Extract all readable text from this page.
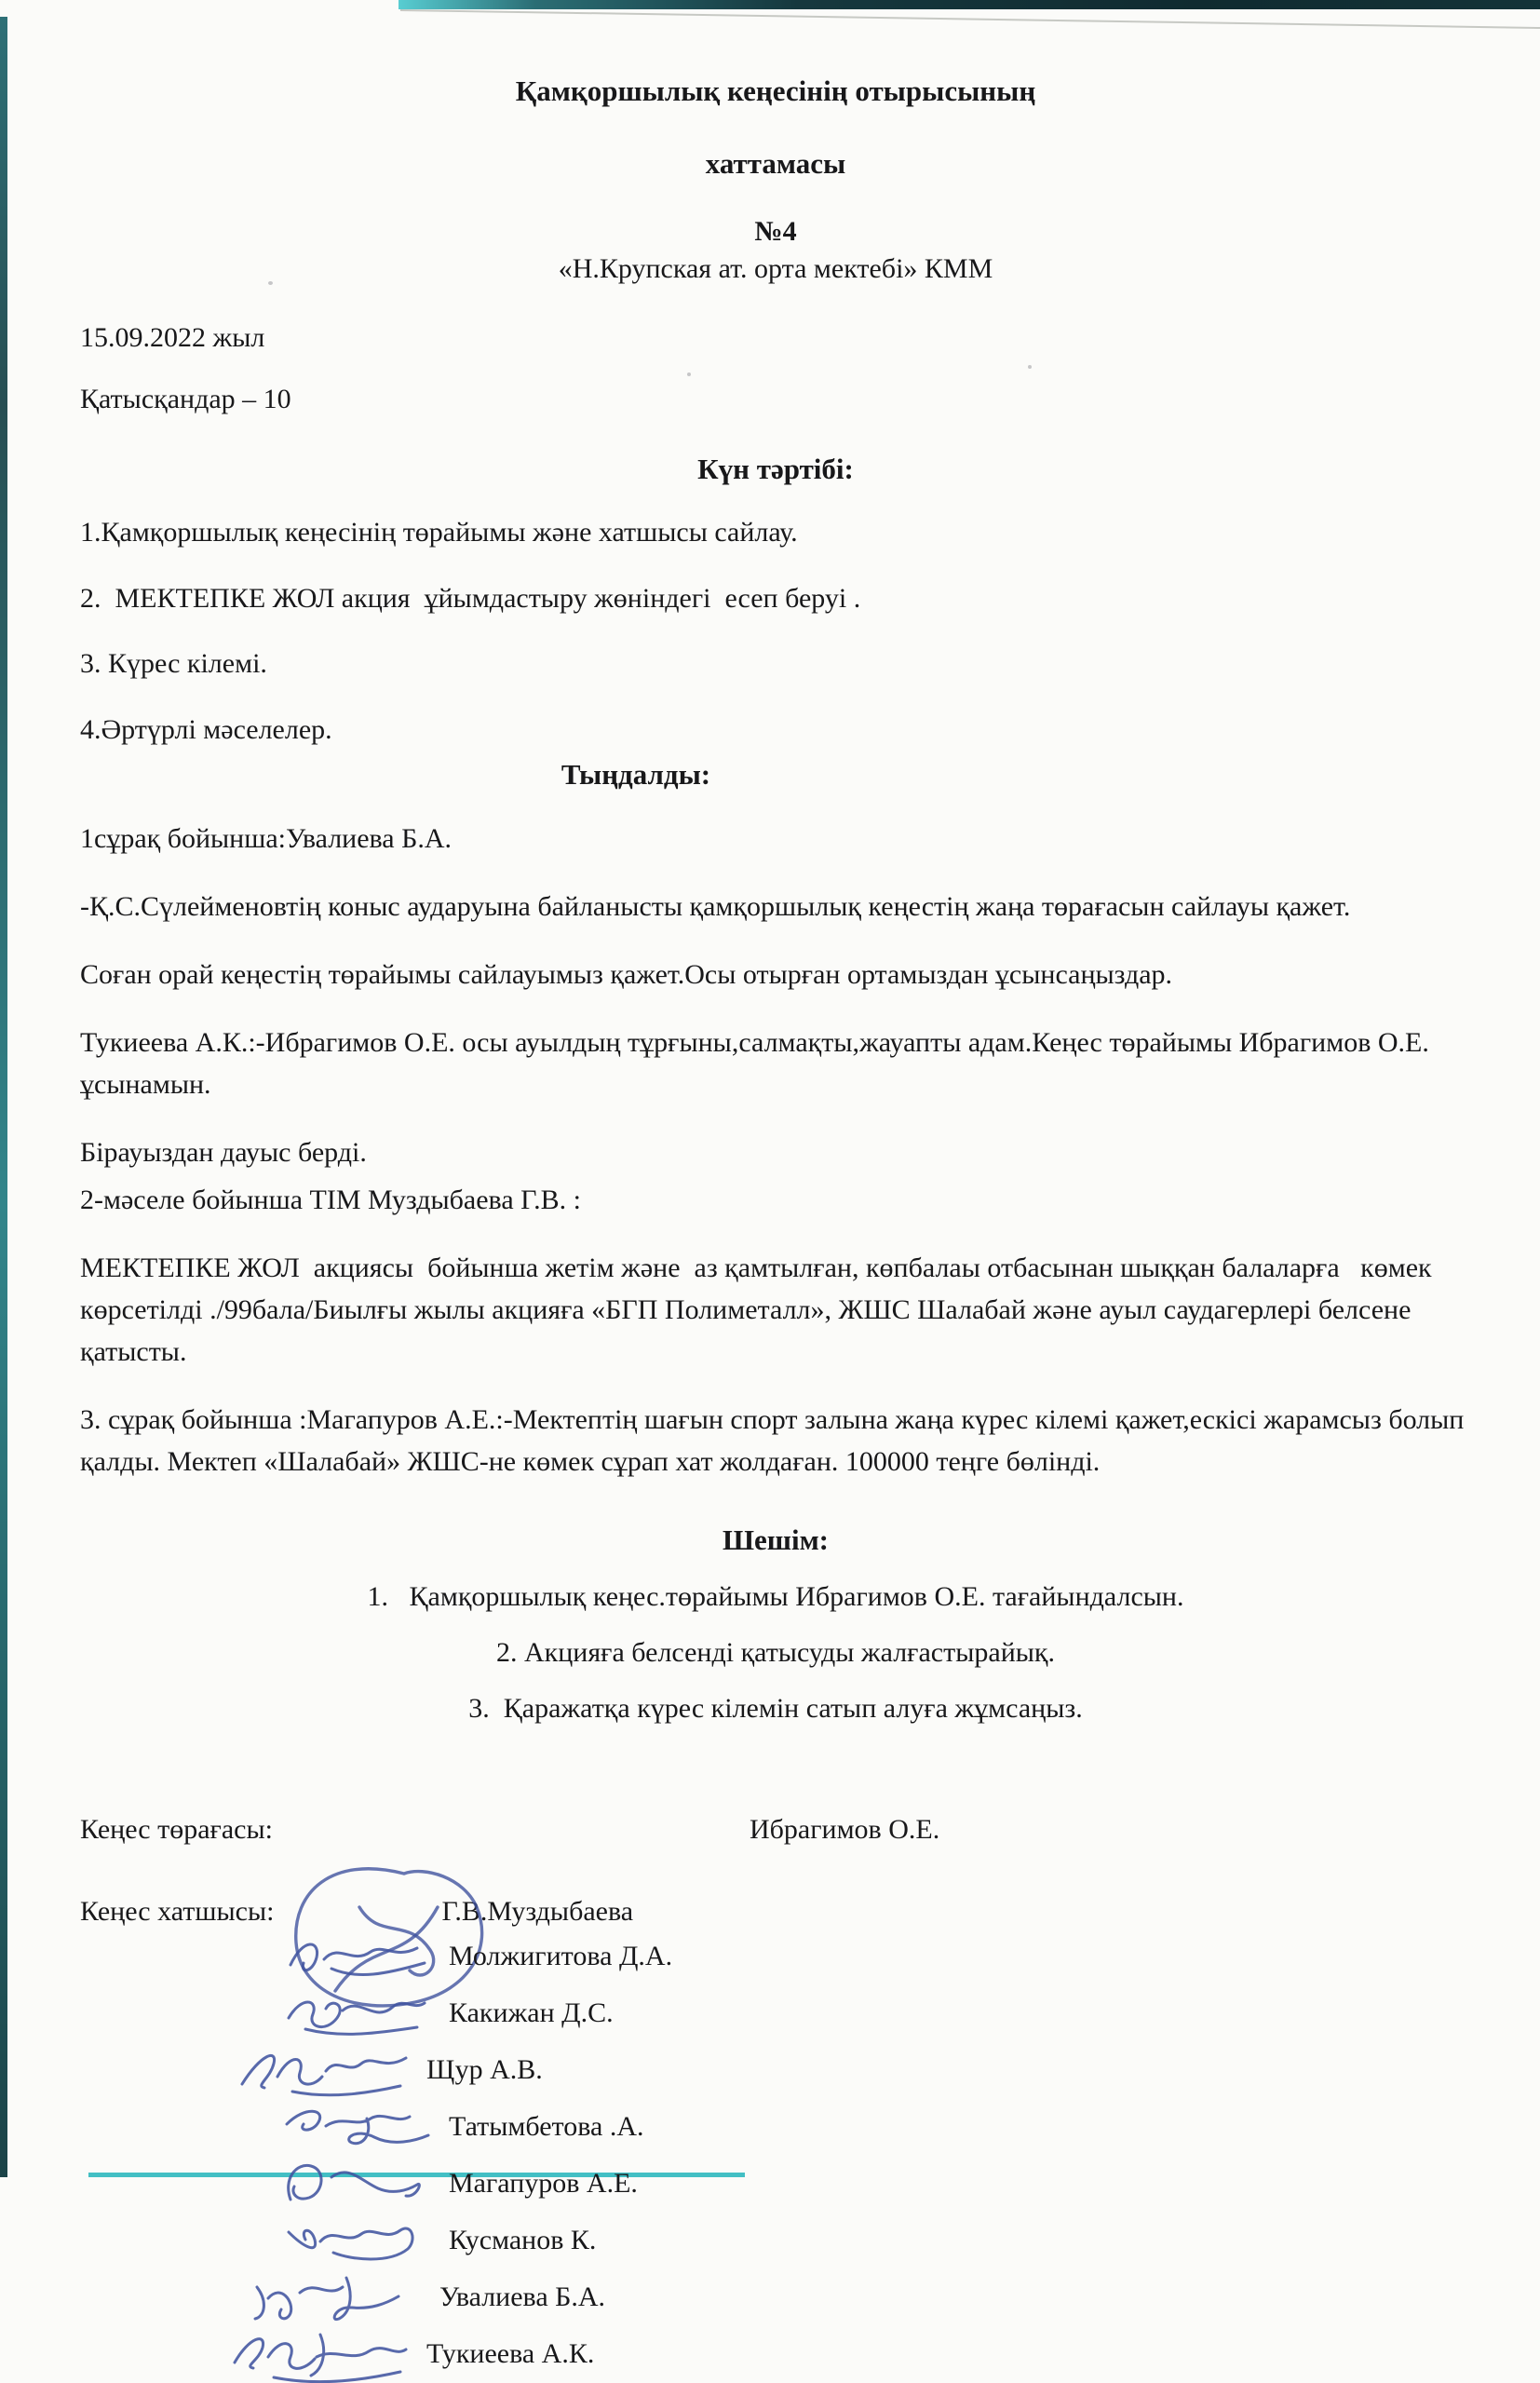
Қамқоршылық кеңесінің отырысының
хаттамасы
№4
«Н.Крупская ат. орта мектебі» КММ
15.09.2022 жыл
Қатысқандар – 10
Күн тәртібі:

1.Қамқоршылық кеңесінің төрайымы және хатшысы сайлау.

2.  МЕКТЕПКЕ ЖОЛ акция  ұйымдастыру жөніндегі  есеп беруі .

3. Күрес кілемі.

4.Әртүрлі мәселелер.

Тыңдалды:

1сұрақ бойынша:Увалиева Б.А.

-Қ.С.Сүлейменовтің коныс аударуына байланысты қамқоршылық кеңестің жаңа төрағасын сайлауы қажет.

Соған орай кеңестің төрайымы сайлауымыз қажет.Осы отырған ортамыздан ұсынсаңыздар.

Тукиеева А.К.:-Ибрагимов О.Е. осы ауылдың тұрғыны,салмақты,жауапты адам.Кеңес төрайымы Ибрагимов О.Е. ұсынамын.

Бірауыздан дауыс берді.

2-мәселе бойынша ТІМ Муздыбаева Г.В. :

МЕКТЕПКЕ ЖОЛ  акциясы  бойынша жетім және  аз қамтылған, көпбалаы отбасынан шыққан балаларға   көмек көрсетілді ./99бала/Биылғы жылы акцияға «БГП Полиметалл», ЖШС Шалабай және ауыл саудагерлері белсене қатысты.

3. сұрақ бойынша :Магапуров А.Е.:-Мектептің шағын спорт залына жаңа күрес кілемі қажет,ескісі жарамсыз болып қалды. Мектеп «Шалабай» ЖШС-не көмек сұрап хат жолдаған. 100000 теңге бөлінді.

Шешім:

1.   Қамқоршылық кеңес.төрайымы Ибрагимов О.Е. тағайындалсын.

2. Акцияға белсенді қатысуды жалғастырайық.

3.  Қаражатқа күрес кілемін сатып алуға жұмсаңыз.

Кеңес төрағасы:	Ибрагимов О.Е.
Кеңес хатшысы:	Г.В.Муздыбаева
Молжигитова Д.А.
Какижан Д.С.
Щур А.В.
Татымбетова .А.
Магапуров А.Е.
Кусманов К.
Увалиева Б.А.
Тукиеева А.К.
